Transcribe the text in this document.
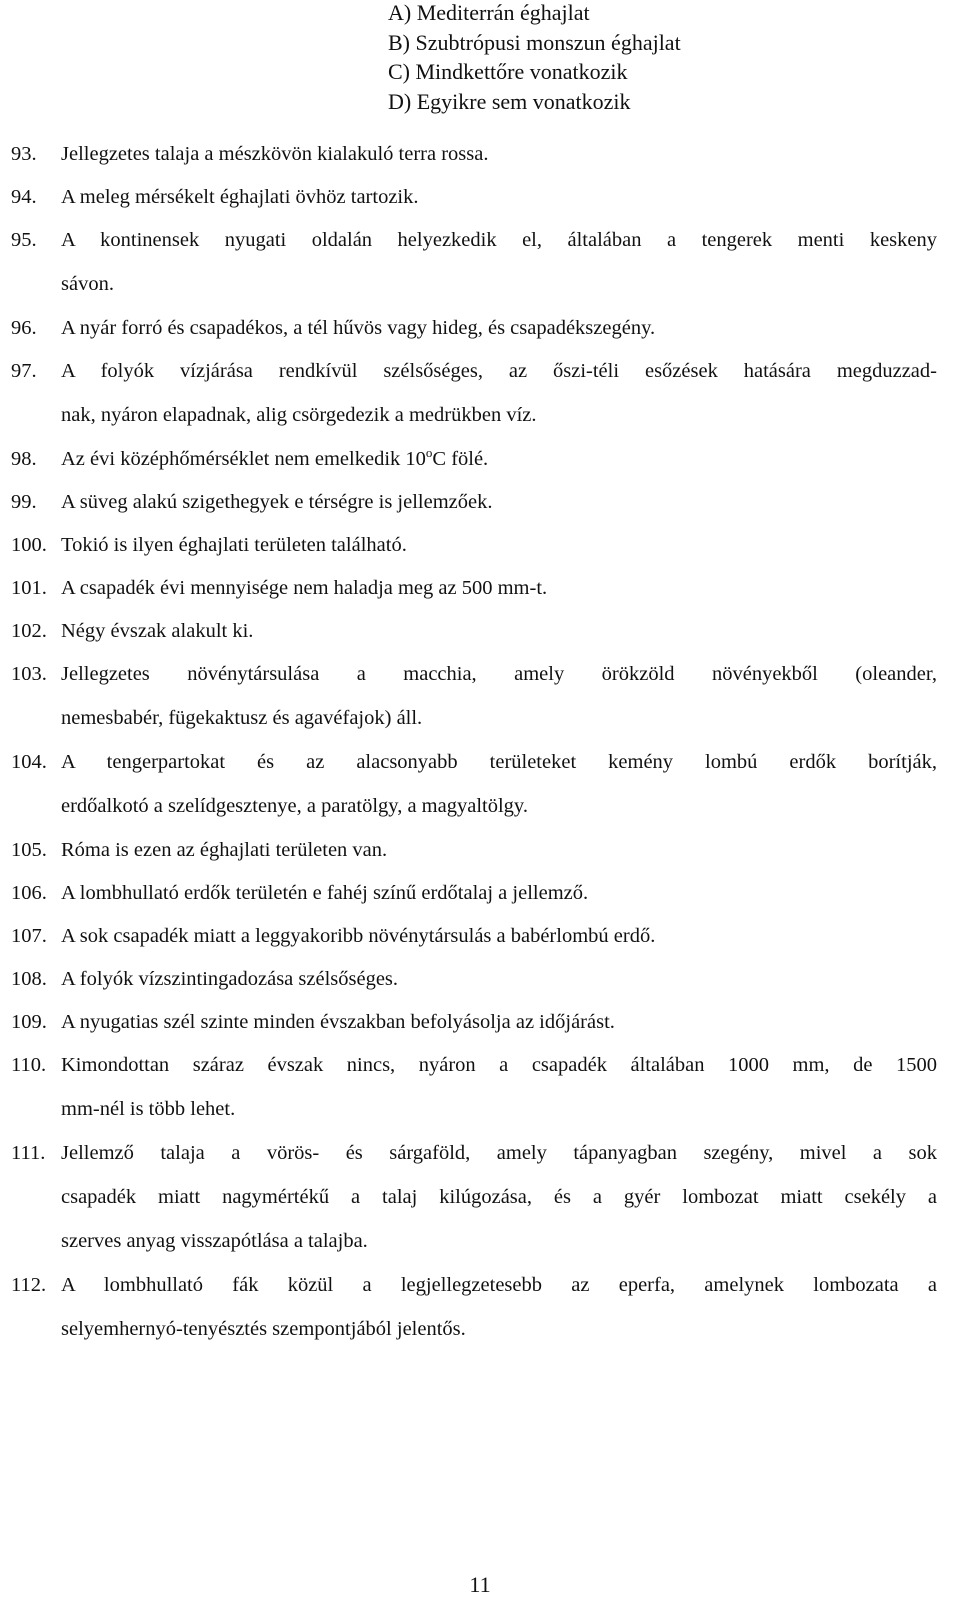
A) Mediterrán éghajlat
B) Szubtrópusi monszun éghajlat
C) Mindkettőre vonatkozik
D) Egyikre sem vonatkozik
93.	Jellegzetes talaja a mészkövön kialakuló terra rossa.
94.	A meleg mérsékelt éghajlati övhöz tartozik.
95.	A kontinensek nyugati oldalán helyezkedik el, általában a tengerek menti keskeny
sávon.
96.	A nyár forró és csapadékos, a tél hűvös vagy hideg, és csapadékszegény.
97.	A folyók vízjárása rendkívül szélsőséges, az őszi-téli esőzések hatására megduzzad-
nak, nyáron elapadnak, alig csörgedezik a medrükben víz.
98.	Az évi középhőmérséklet nem emelkedik 10$^o$C fölé.
99.	A süveg alakú szigethegyek e térségre is jellemzőek.
100. Tokió is ilyen éghajlati területen található.
101. A csapadék évi mennyisége nem haladja meg az 500 mm-t.
102. Négy évszak alakult ki.
103. Jellegzetes növénytársulása a macchia, amely örökzöld növényekből (oleander,
nemesbabér, fügekaktusz és agavéfajok) áll.
104. A tengerpartokat és az alacsonyabb területeket kemény lombú erdők borítják,
erdőalkotó a szelídgesztenye, a paratölgy, a magyaltölgy.
105. Róma is ezen az éghajlati területen van.
106. A lombhullató erdők területén e fahéj színű erdőtalaj a jellemző.
107. A sok csapadék miatt a leggyakoribb növénytársulás a babérlombú erdő.
108. A folyók vízszintingadozása szélsőséges.
109. A nyugatias szél szinte minden évszakban befolyásolja az időjárást.
110. Kimondottan száraz évszak nincs, nyáron a csapadék általában 1000 mm, de 1500
mm-nél is több lehet.
111. Jellemző talaja a vörös- és sárgaföld, amely tápanyagban szegény, mivel a sok
csapadék miatt nagymértékű a talaj kilúgozása, és a gyér lombozat miatt csekély a
szerves anyag visszapótlása a talajba.
112. A lombhullató fák közül a legjellegzetesebb az eperfa, amelynek lombozata a
selyemhernyó-tenyésztés szempontjából jelentős.
11
